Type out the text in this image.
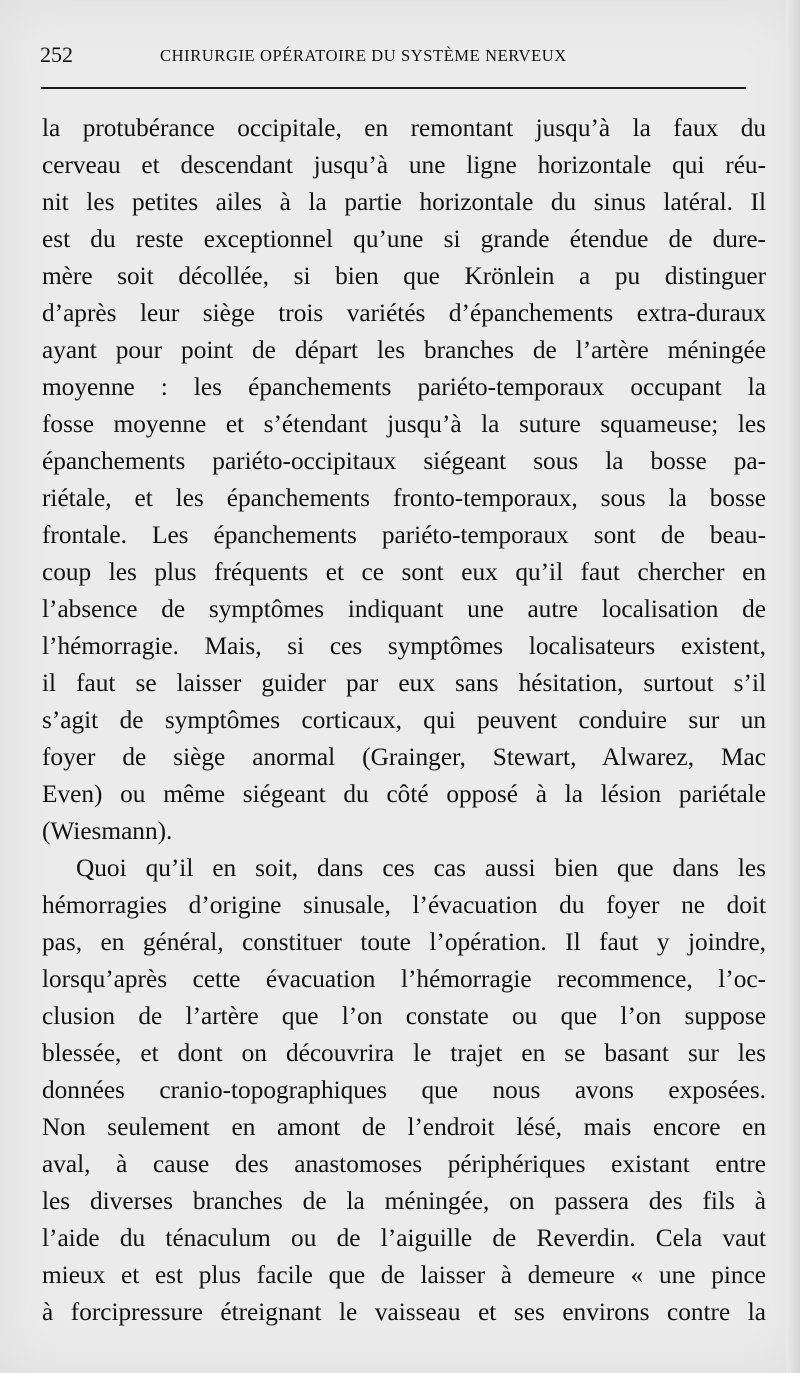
252	CHIRURGIE OPÉRATOIRE DU SYSTÈME NERVEUX
la protubérance occipitale, en remontant jusqu’à la faux du
cerveau et descendant jusqu’à une ligne horizontale qui réu-
nit les petites ailes à la partie horizontale du sinus latéral. Il
est du reste exceptionnel qu’une si grande étendue de dure-
mère soit décollée, si bien que Krönlein a pu distinguer
d’après leur siège trois variétés d’épanchements extra-duraux
ayant pour point de départ les branches de l’artère méningée
moyenne : les épanchements pariéto-temporaux occupant la
fosse moyenne et s’étendant jusqu’à la suture squameuse; les
épanchements pariéto-occipitaux siégeant sous la bosse pa-
riétale, et les épanchements fronto-temporaux, sous la bosse
frontale. Les épanchements pariéto-temporaux sont de beau-
coup les plus fréquents et ce sont eux qu’il faut chercher en
l’absence de symptômes indiquant une autre localisation de
l’hémorragie. Mais, si ces symptômes localisateurs existent,
il faut se laisser guider par eux sans hésitation, surtout s’il
s’agit de symptômes corticaux, qui peuvent conduire sur un
foyer de siège anormal (Grainger, Stewart, Alwarez, Mac
Even) ou même siégeant du côté opposé à la lésion pariétale
(Wiesmann).
Quoi qu’il en soit, dans ces cas aussi bien que dans les
hémorragies d’origine sinusale, l’évacuation du foyer ne doit
pas, en général, constituer toute l’opération. Il faut y joindre,
lorsqu’après cette évacuation l’hémorragie recommence, l’oc-
clusion de l’artère que l’on constate ou que l’on suppose
blessée, et dont on découvrira le trajet en se basant sur les
données cranio-topographiques que nous avons exposées.
Non seulement en amont de l’endroit lésé, mais encore en
aval, à cause des anastomoses périphériques existant entre
les diverses branches de la méningée, on passera des fils à
l’aide du ténaculum ou de l’aiguille de Reverdin. Cela vaut
mieux et est plus facile que de laisser à demeure « une pince
à forcipressure étreignant le vaisseau et ses environs contre la
